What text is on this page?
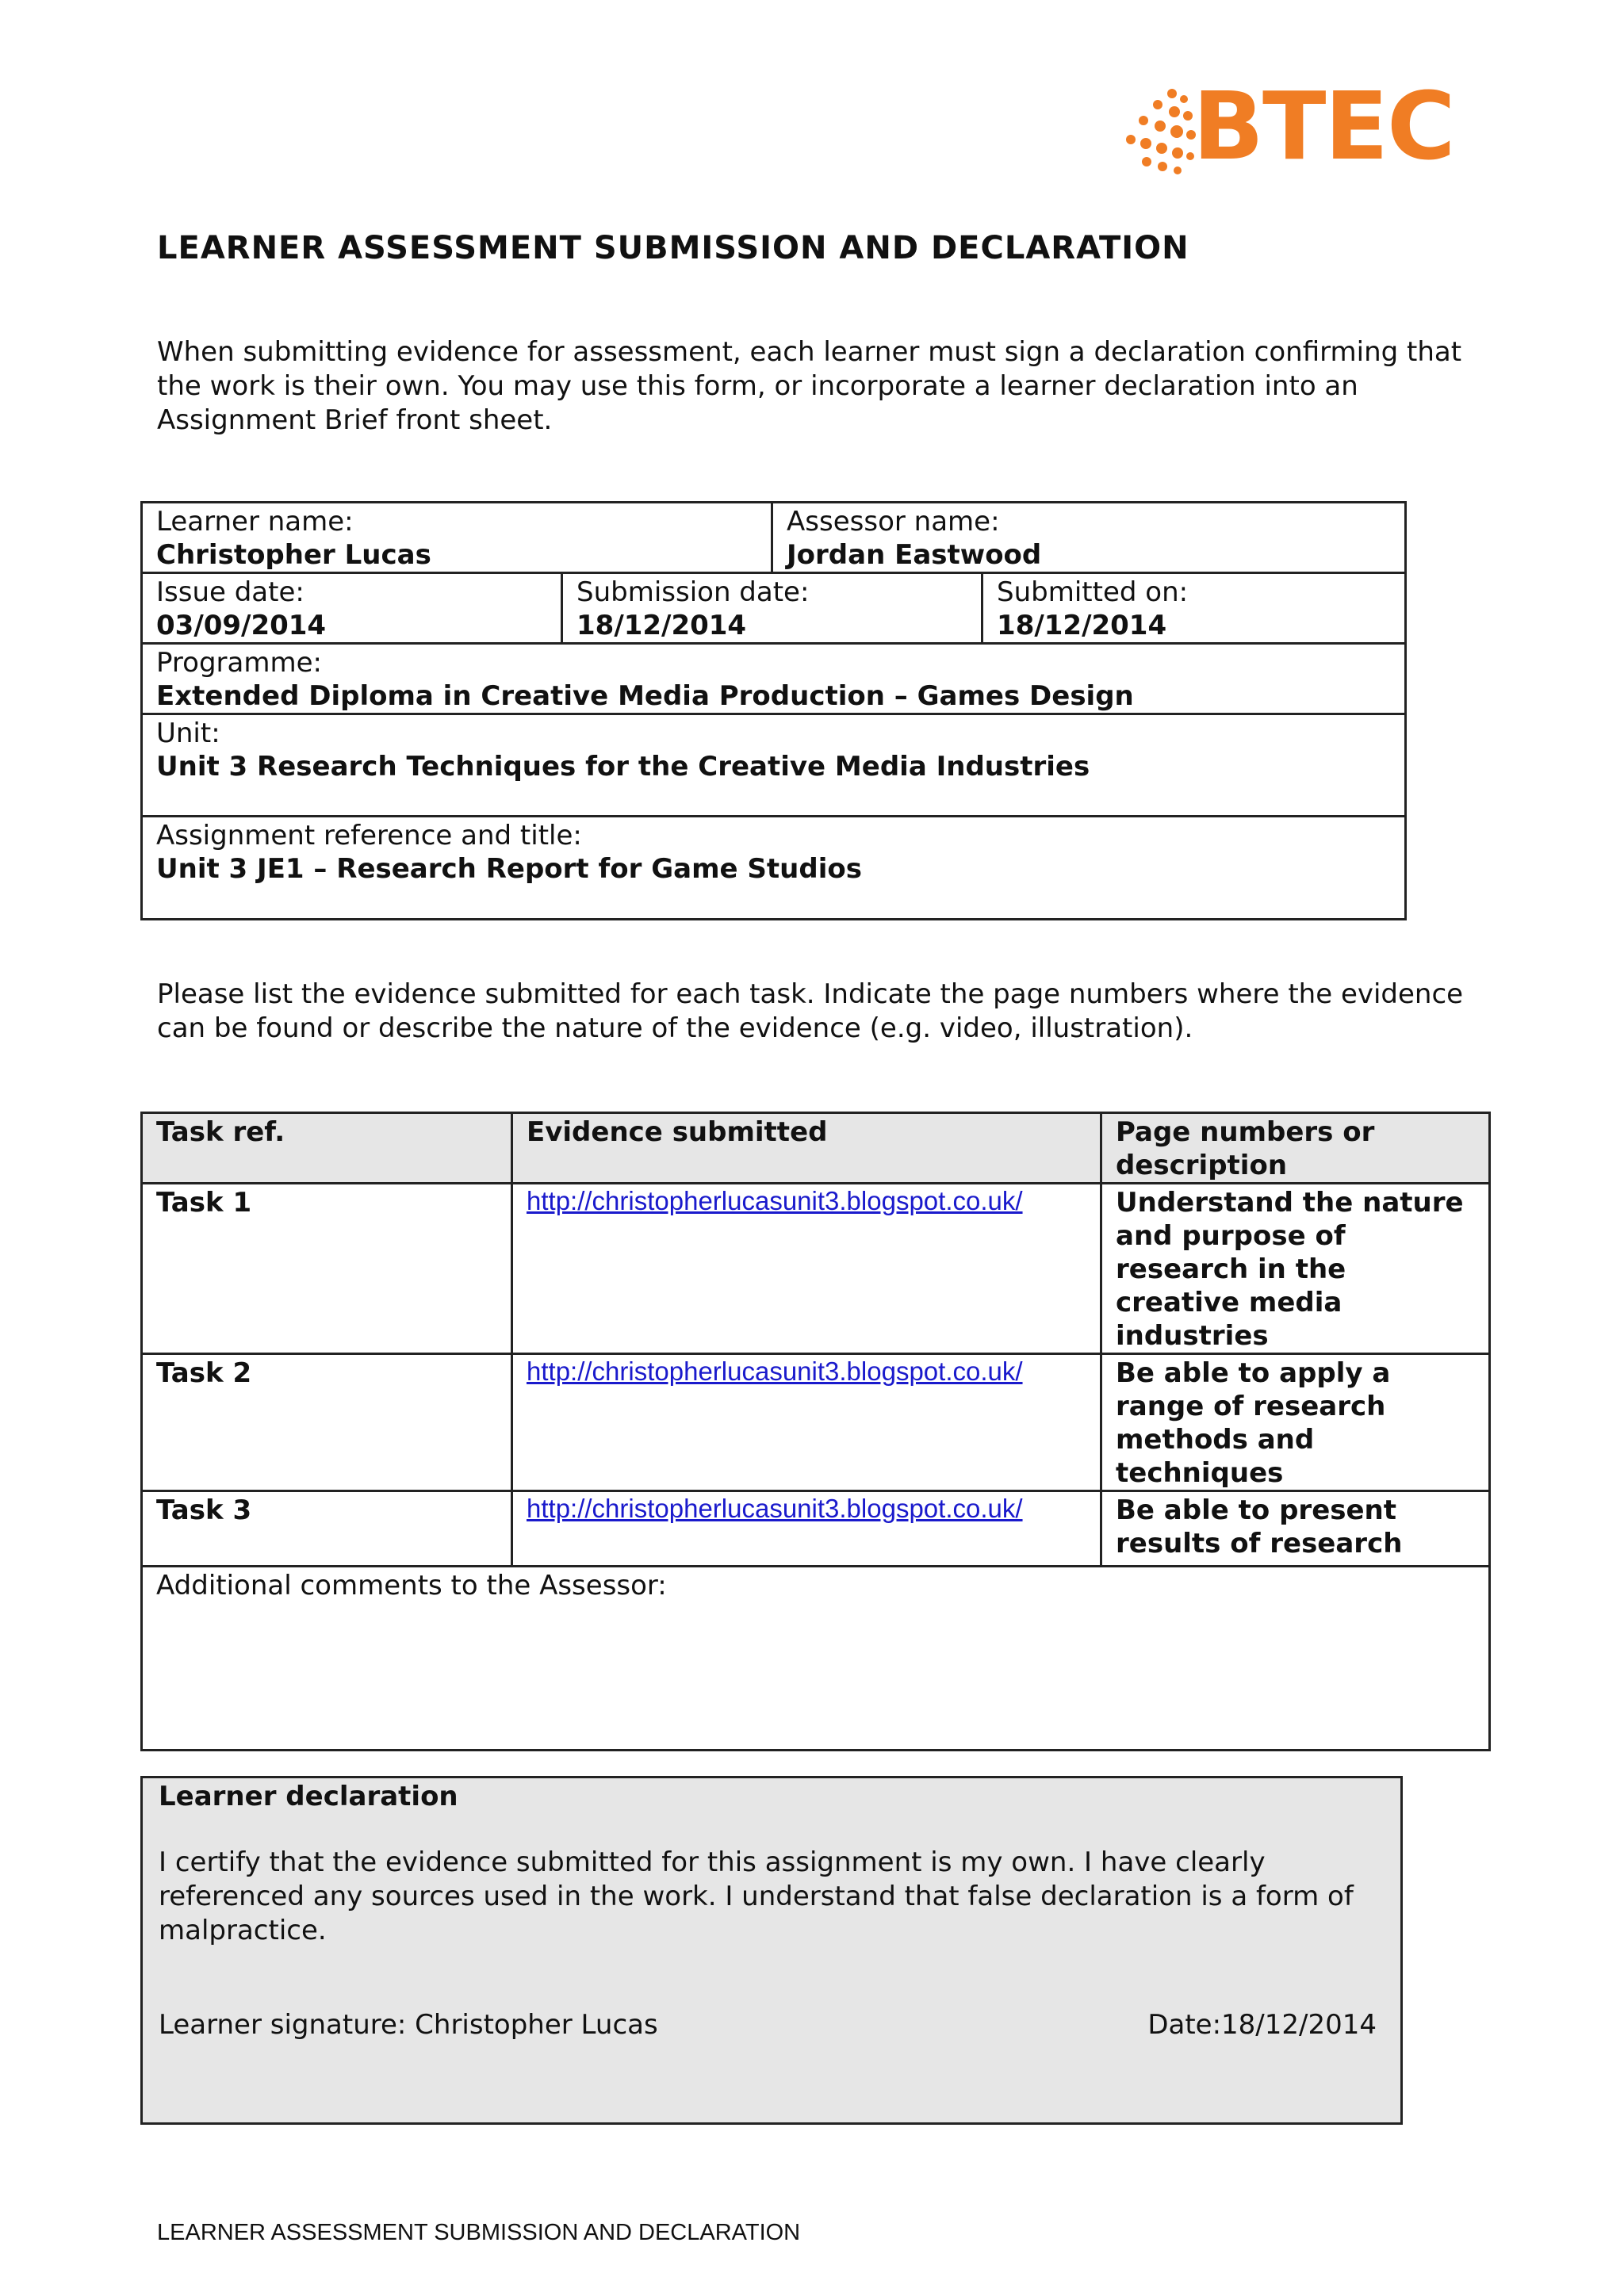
BTEC
LEARNER ASSESSMENT SUBMISSION AND DECLARATION
When submitting evidence for assessment, each learner must sign a declaration confirming that the work is their own. You may use this form, or incorporate a learner declaration into an Assignment Brief front sheet.
Learner name:
Christopher Lucas		Assessor name:
Jordan Eastwood	

Issue date:
03/09/2014	Submission date:
18/12/2014		Submitted on:
18/12/2014

Programme:
Extended Diploma in Creative Media Production – Games Design			

Unit:
Unit 3 Research Techniques for the Creative Media Industries			

Assignment reference and title:
Unit 3 JE1 – Research Report for Game Studios			
Please list the evidence submitted for each task. Indicate the page numbers where the evidence can be found or describe the nature of the evidence (e.g. video, illustration).
Task ref.	Evidence submitted	Page numbers or description
Task 1	http://christopherlucasunit3.blogspot.co.uk/	Understand the nature and purpose of research in the creative media industries
Task 2	http://christopherlucasunit3.blogspot.co.uk/	Be able to apply a range of research methods and techniques
Task 3	http://christopherlucasunit3.blogspot.co.uk/	Be able to present results of research
Additional comments to the Assessor:		
Learner declaration
I certify that the evidence submitted for this assignment is my own. I have clearly referenced any sources used in the work. I understand that false declaration is a form of malpractice.
Learner signature: Christopher Lucas	Date:18/12/2014
LEARNER ASSESSMENT SUBMISSION AND DECLARATION
